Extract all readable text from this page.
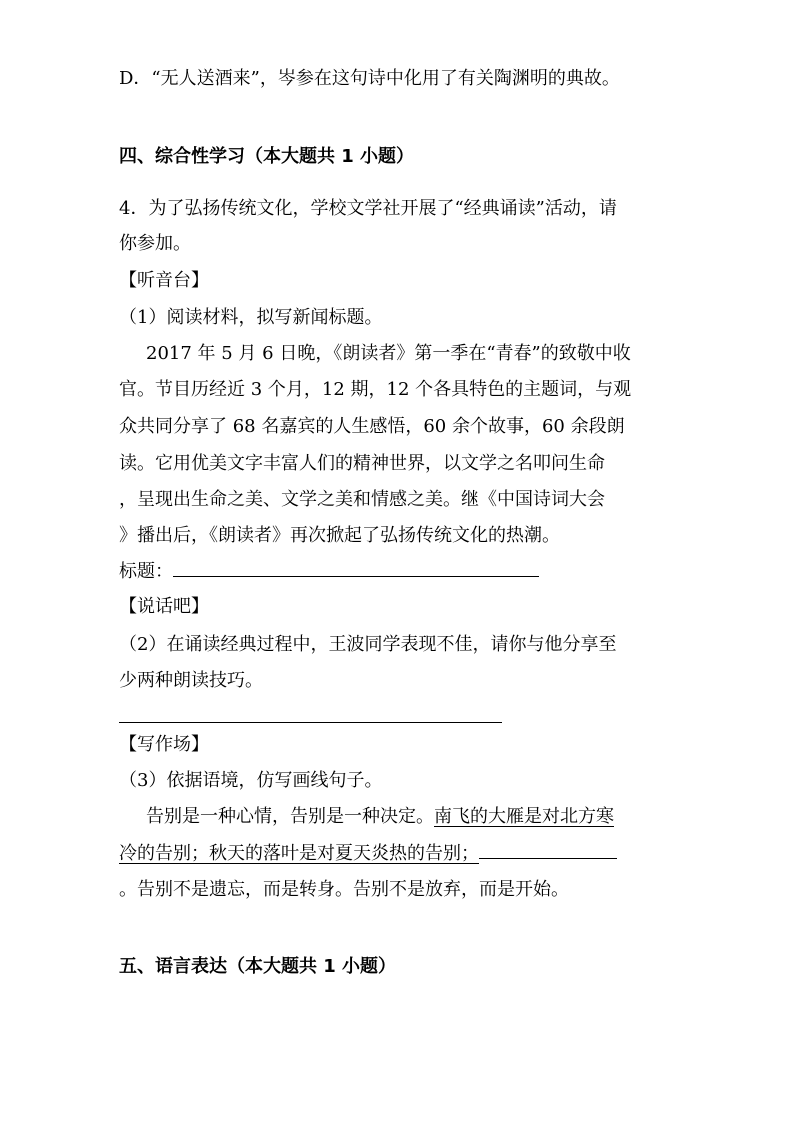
D．“无人送酒来”，岑参在这句诗中化用了有关陶渊明的典故。
四、综合性学习（本大题共 1 小题）
4．为了弘扬传统文化，学校文学社开展了“经典诵读”活动，请
你参加。
【听音台】
（1）阅读材料，拟写新闻标题。
2017 年 5 月 6 日晚，《朗读者》第一季在“青春”的致敬中收
官。节目历经近 3 个月，12 期，12 个各具特色的主题词，与观
众共同分享了 68 名嘉宾的人生感悟，60 余个故事，60 余段朗
读。它用优美文字丰富人们的精神世界，以文学之名叩问生命
，呈现出生命之美、文学之美和情感之美。继《中国诗词大会
》播出后，《朗读者》再次掀起了弘扬传统文化的热潮。
标题：
【说话吧】
（2）在诵读经典过程中，王波同学表现不佳，请你与他分享至
少两种朗读技巧。
【写作场】
（3）依据语境，仿写画线句子。
告别是一种心情，告别是一种决定。南飞的大雁是对北方寒
冷的告别；秋天的落叶是对夏天炎热的告别；
。告别不是遗忘，而是转身。告别不是放弃，而是开始。
五、语言表达（本大题共 1 小题）
